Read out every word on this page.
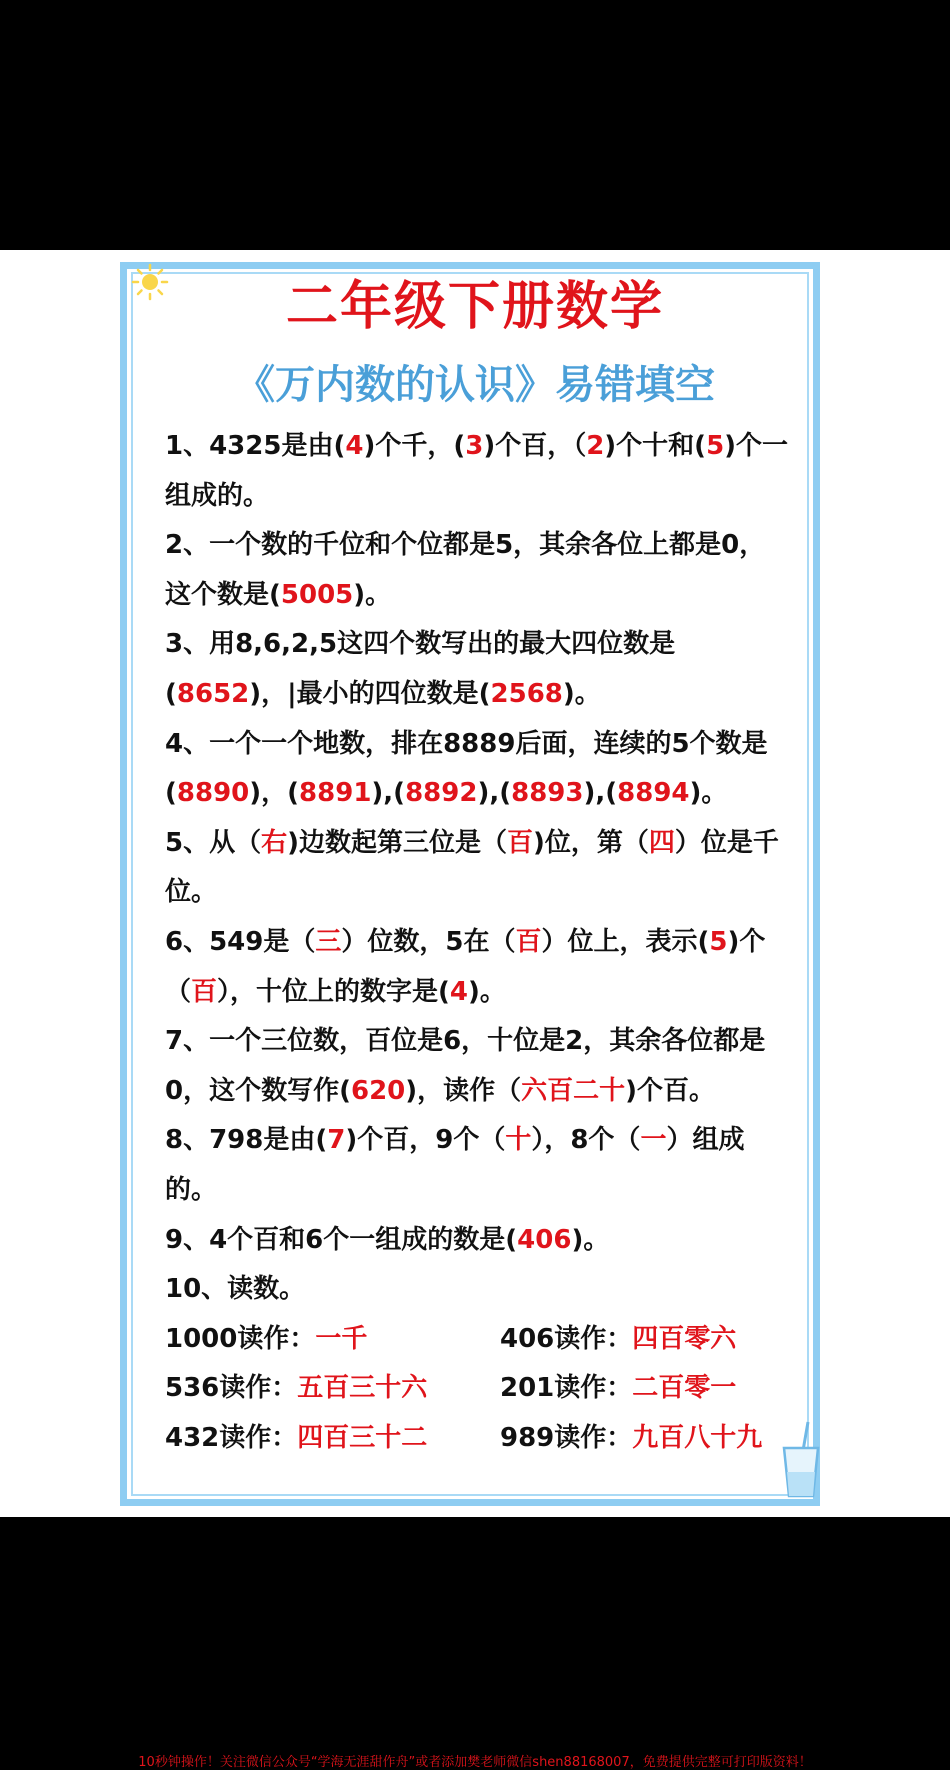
二年级下册数学
《万内数的认识》易错填空
1、4325是由(4)个千，(3)个百，（2)个十和(5)个一组成的。
2、一个数的千位和个位都是5，其余各位上都是0，这个数是(5005)。
3、用8,6,2,5这四个数写出的最大四位数是(8652)，|最小的四位数是(2568)。
4、一个一个地数，排在8889后面，连续的5个数是(8890)，(8891),(8892),(8893),(8894)。
5、从（右)边数起第三位是（百)位，第（四）位是千位。
6、549是（三）位数，5在（百）位上，表示(5)个（百），十位上的数字是(4)。
7、一个三位数，百位是6，十位是2，其余各位都是0，这个数写作(620)，读作（六百二十)个百。
8、798是由(7)个百，9个（十），8个（一）组成的。
9、4个百和6个一组成的数是(406)。
10、读数。
1000读作：一千	406读作：四百零六
536读作：五百三十六	201读作：二百零一
432读作：四百三十二	989读作：九百八十九
10秒钟操作！关注微信公众号“学海无涯甜作舟”或者添加樊老师微信shen88168007，免费提供完整可打印版资料！
